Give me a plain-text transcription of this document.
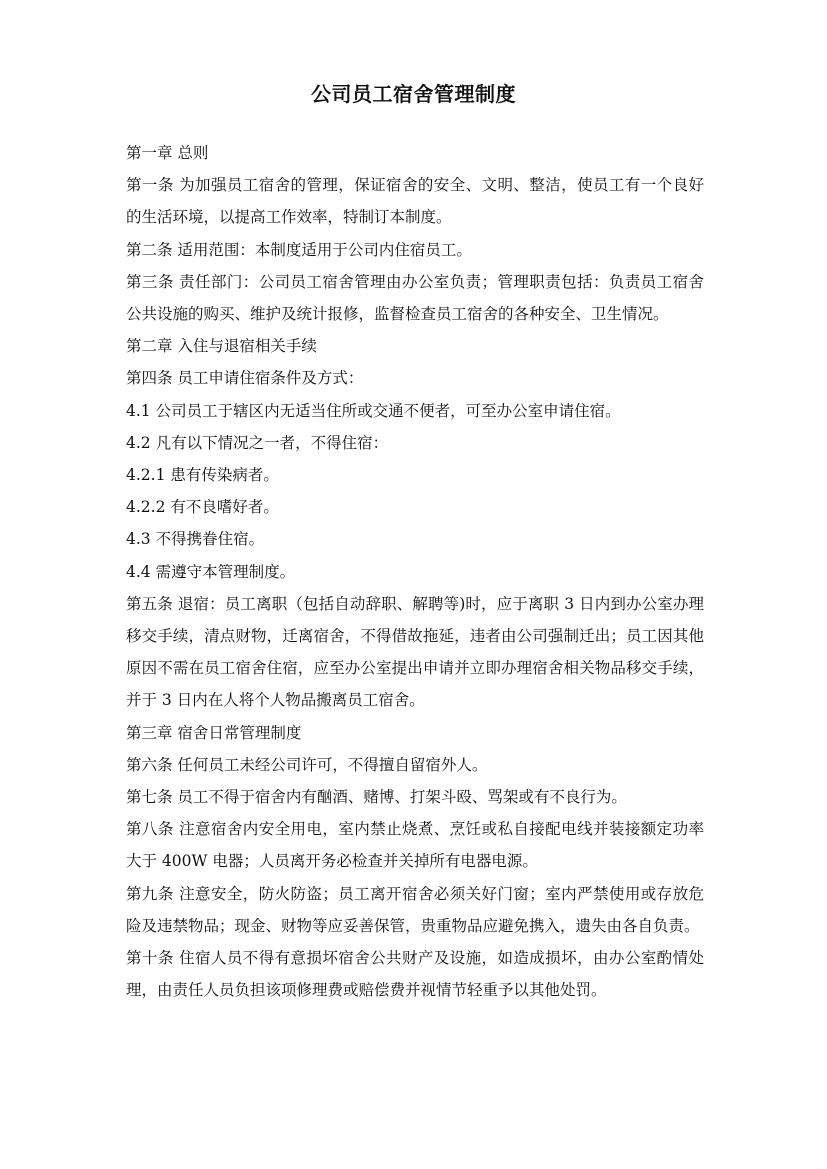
公司员工宿舍管理制度

第一章 总则

第一条 为加强员工宿舍的管理，保证宿舍的安全、文明、整洁，使员工有一个良好的生活环境，以提高工作效率，特制订本制度。

第二条 适用范围：本制度适用于公司内住宿员工。

第三条 责任部门：公司员工宿舍管理由办公室负责；管理职责包括：负责员工宿舍公共设施的购买、维护及统计报修，监督检查员工宿舍的各种安全、卫生情况。

第二章 入住与退宿相关手续

第四条 员工申请住宿条件及方式：

4.1 公司员工于辖区内无适当住所或交通不便者，可至办公室申请住宿。

4.2 凡有以下情况之一者，不得住宿：

4.2.1 患有传染病者。

4.2.2 有不良嗜好者。

4.3 不得携眷住宿。

4.4 需遵守本管理制度。

第五条 退宿：员工离职（包括自动辞职、解聘等)时，应于离职 3 日内到办公室办理移交手续，清点财物，迁离宿舍，不得借故拖延，违者由公司强制迁出；员工因其他原因不需在员工宿舍住宿，应至办公室提出申请并立即办理宿舍相关物品移交手续，并于 3 日内在人将个人物品搬离员工宿舍。

第三章 宿舍日常管理制度

第六条 任何员工未经公司许可，不得擅自留宿外人。

第七条 员工不得于宿舍内有酗酒、赌博、打架斗殴、骂架或有不良行为。

第八条 注意宿舍内安全用电，室内禁止烧煮、烹饪或私自接配电线并装接额定功率大于 400W 电器；人员离开务必检查并关掉所有电器电源。

第九条 注意安全，防火防盗；员工离开宿舍必须关好门窗；室内严禁使用或存放危险及违禁物品；现金、财物等应妥善保管，贵重物品应避免携入，遗失由各自负责。

第十条 住宿人员不得有意损坏宿舍公共财产及设施，如造成损坏，由办公室酌情处理，由责任人员负担该项修理费或赔偿费并视情节轻重予以其他处罚。
